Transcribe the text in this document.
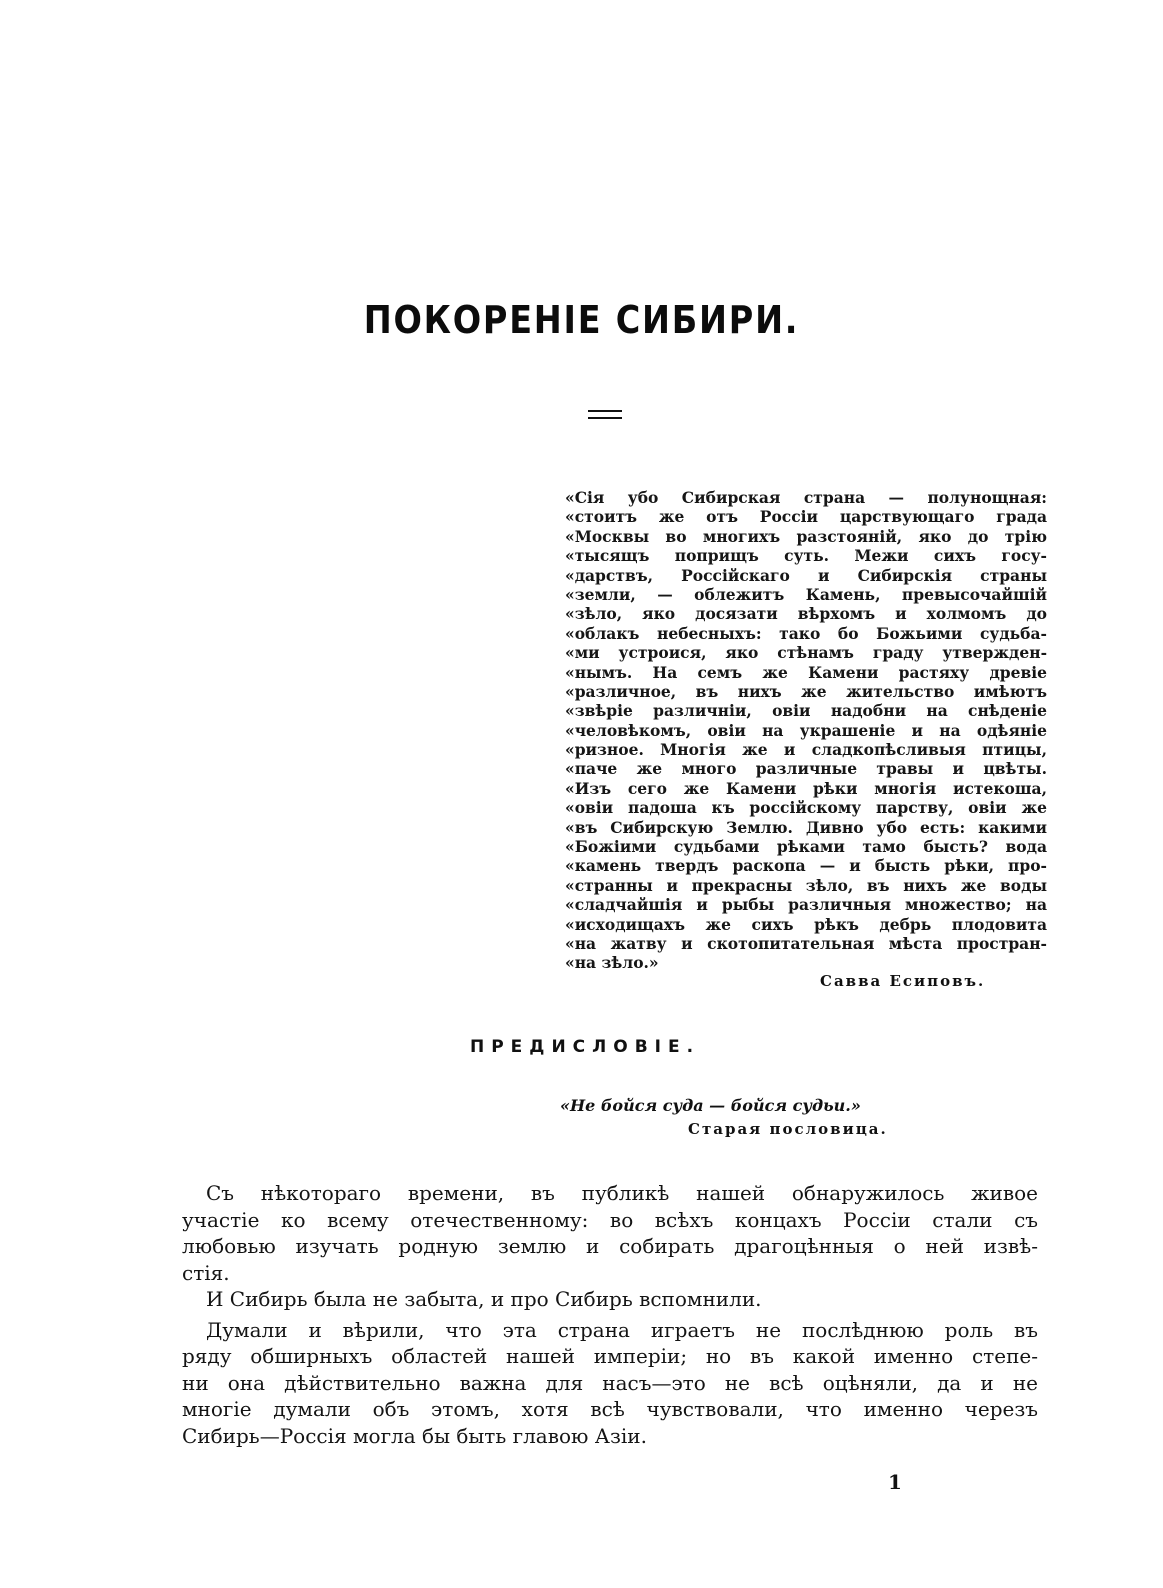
ПОКОРЕНІЕ СИБИРИ.
«Сія убо Сибирская страна — полунощная:
«стоитъ же отъ Россіи царствующаго града
«Москвы во многихъ разстояній, яко до трію
«тысящъ поприщъ суть. Межи сихъ госу-
«дарствъ, Россійскаго и Сибирскія страны
«земли, — облежитъ Камень, превысочайшій
«зѣло, яко досязати вѣрхомъ и холмомъ до
«облакъ небесныхъ: тако бо Божьими судьба-
«ми устроися, яко стѣнамъ граду утвержден-
«нымъ. На семъ же Камени растяху древіе
«различное, въ нихъ же жительство имѣютъ
«звѣріе различніи, овіи надобни на снѣденіе
«человѣкомъ, овіи на украшеніе и на одѣяніе
«ризное. Многія же и сладкопѣсливыя птицы,
«паче же много различные травы и цвѣты.
«Изъ сего же Камени рѣки многія истекоша,
«овіи падоша къ россійскому парству, овіи же
«въ Сибирскую Землю. Дивно убо есть: какими
«Божіими судьбами рѣками тамо бысть? вода
«камень твердъ раскопа — и бысть рѣки, про-
«странны и прекрасны зѣло, въ нихъ же воды
«сладчайшія и рыбы различныя множество; на
«исходищахъ же сихъ рѣкъ дебрь плодовита
«на жатву и скотопитательная мѣста простран-
«на зѣло.»
Савва Есиповъ.
ПРЕДИСЛОВІЕ.
«Не бойся суда — бойся судьи.»
Старая пословица.
Съ нѣкотораго времени, въ публикѣ нашей обнаружилось живое
участіе ко всему отечественному: во всѣхъ концахъ Россіи стали съ
любовью изучать родную землю и собирать драгоцѣнныя о ней извѣ-
стія.
И Сибирь была не забыта, и про Сибирь вспомнили.
Думали и вѣрили, что эта страна играетъ не послѣднюю роль въ
ряду обширныхъ областей нашей имперіи; но въ какой именно степе-
ни она дѣйствительно важна для насъ—это не всѣ оцѣняли, да и не
многіе думали объ этомъ, хотя всѣ чувствовали, что именно черезъ
Сибирь—Россія могла бы быть главою Азіи.
1
